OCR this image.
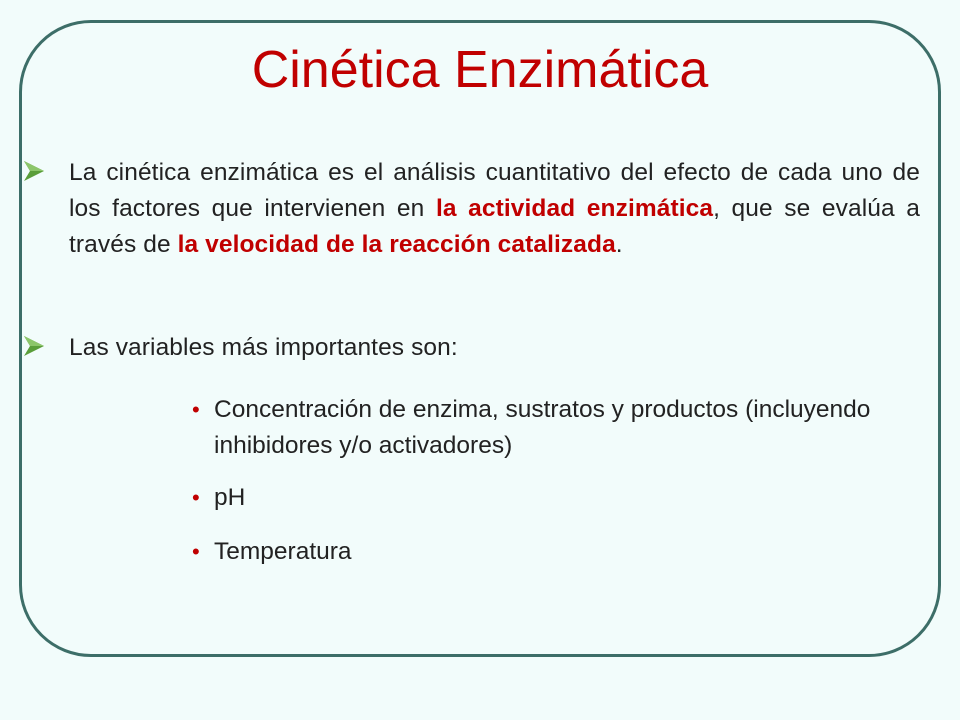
Cinética Enzimática
La cinética enzimática es el análisis cuantitativo del efecto de cada uno de los factores que intervienen en la actividad enzimática, que se evalúa a través de la velocidad de la reacción catalizada.
Las variables más importantes son:
• Concentración de enzima, sustratos y productos (incluyendo inhibidores y/o activadores)
• pH
• Temperatura
